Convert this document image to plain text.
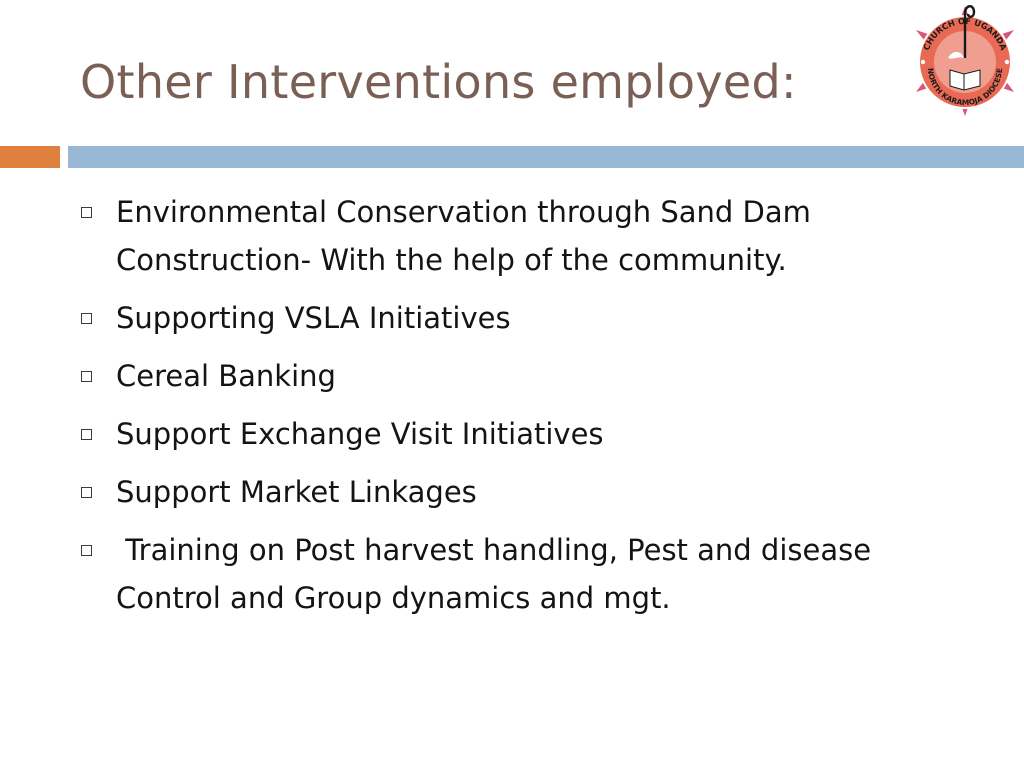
Other Interventions employed:
CHURCH OF UGANDA
NORTH KARAMOJA DIOCESE
Environmental Conservation through Sand Dam Construction- With the help of the community.
Supporting VSLA Initiatives
Cereal Banking
Support Exchange Visit Initiatives
Support Market Linkages
Training on Post harvest handling, Pest and disease Control and Group dynamics and mgt.
